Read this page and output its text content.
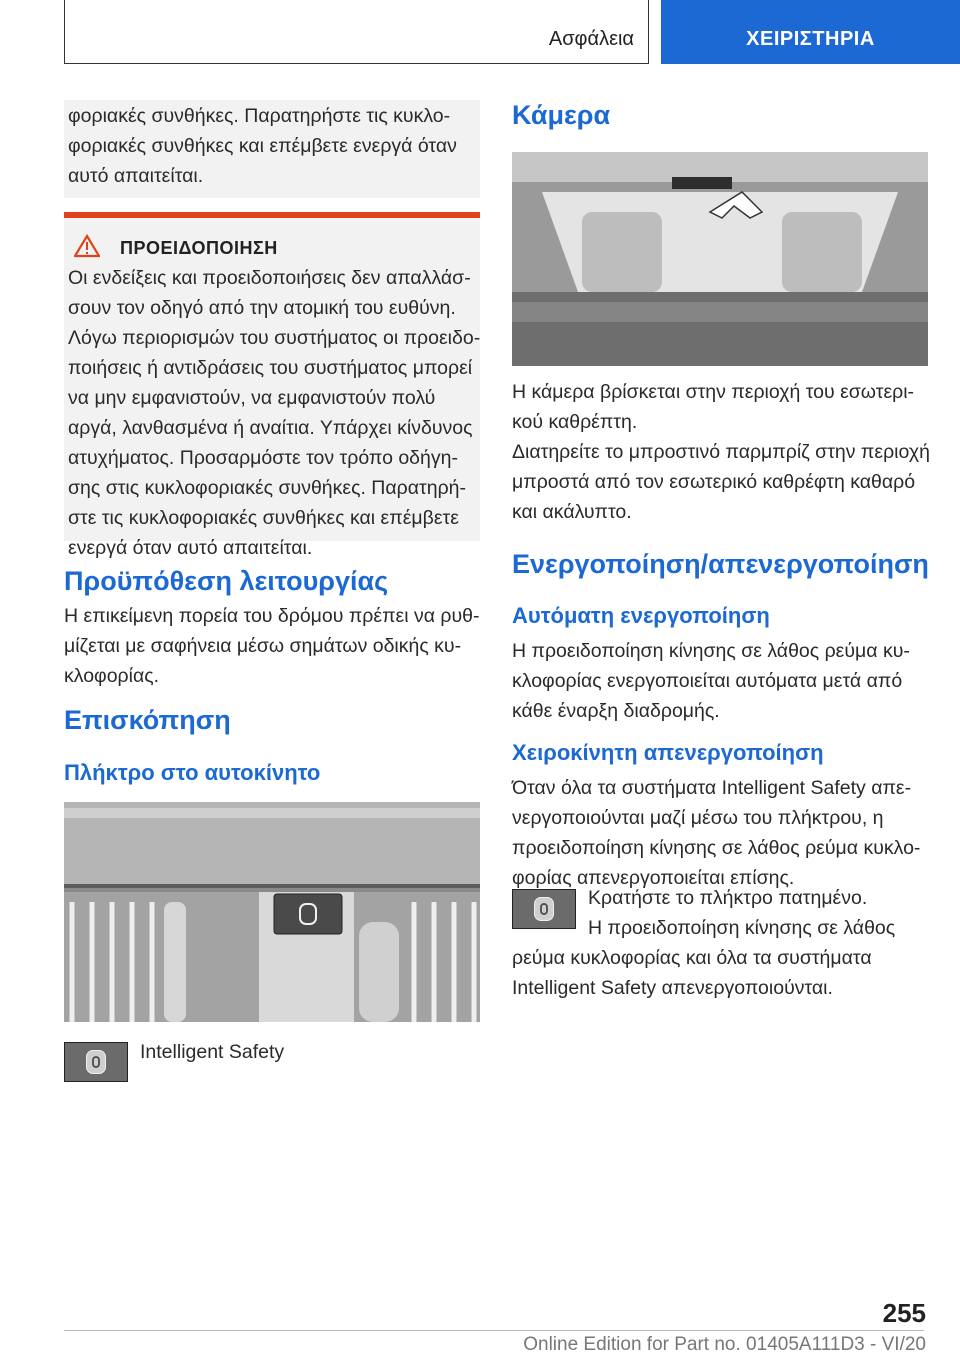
Ασφάλεια	ΧΕΙΡΙΣΤΗΡΙΑ

φοριακές συνθήκες. Παρατηρήστε τις κυκλο-

φοριακές συνθήκες και επέμβετε ενεργά όταν

αυτό απαιτείται.

ΠΡΟΕΙΔΟΠΟΙΗΣΗ

Οι ενδείξεις και προειδοποιήσεις δεν απαλλάσ-

σουν τον οδηγό από την ατομική του ευθύνη.

Λόγω περιορισμών του συστήματος οι προειδο-

ποιήσεις ή αντιδράσεις του συστήματος μπορεί

να μην εμφανιστούν, να εμφανιστούν πολύ

αργά, λανθασμένα ή αναίτια. Υπάρχει κίνδυνος

ατυχήματος. Προσαρμόστε τον τρόπο οδήγη-

σης στις κυκλοφοριακές συνθήκες. Παρατηρή-

στε τις κυκλοφοριακές συνθήκες και επέμβετε

ενεργά όταν αυτό απαιτείται.

Προϋπόθεση λειτουργίας

Η επικείμενη πορεία του δρόμου πρέπει να ρυθ-

μίζεται με σαφήνεια μέσω σημάτων οδικής κυ-

κλοφορίας.

Επισκόπηση
Πλήκτρο στο αυτοκίνητο

Intelligent Safety

Κάμερα

Η κάμερα βρίσκεται στην περιοχή του εσωτερι-

κού καθρέπτη.

Διατηρείτε το μπροστινό παρμπρίζ στην περιοχή

μπροστά από τον εσωτερικό καθρέφτη καθαρό

και ακάλυπτο.

Ενεργοποίηση/απενεργοποίηση
Αυτόματη ενεργοποίηση

Η προειδοποίηση κίνησης σε λάθος ρεύμα κυ-

κλοφορίας ενεργοποιείται αυτόματα μετά από

κάθε έναρξη διαδρομής.

Χειροκίνητη απενεργοποίηση

Όταν όλα τα συστήματα Intelligent Safety απε-

νεργοποιούνται μαζί μέσω του πλήκτρου, η

προειδοποίηση κίνησης σε λάθος ρεύμα κυκλο-

φορίας απενεργοποιείται επίσης.

Κρατήστε το πλήκτρο πατημένο.

Η προειδοποίηση κίνησης σε λάθος

ρεύμα κυκλοφορίας και όλα τα συστήματα

Intelligent Safety απενεργοποιούνται.

255
Online Edition for Part no. 01405A111D3 - VI/20
